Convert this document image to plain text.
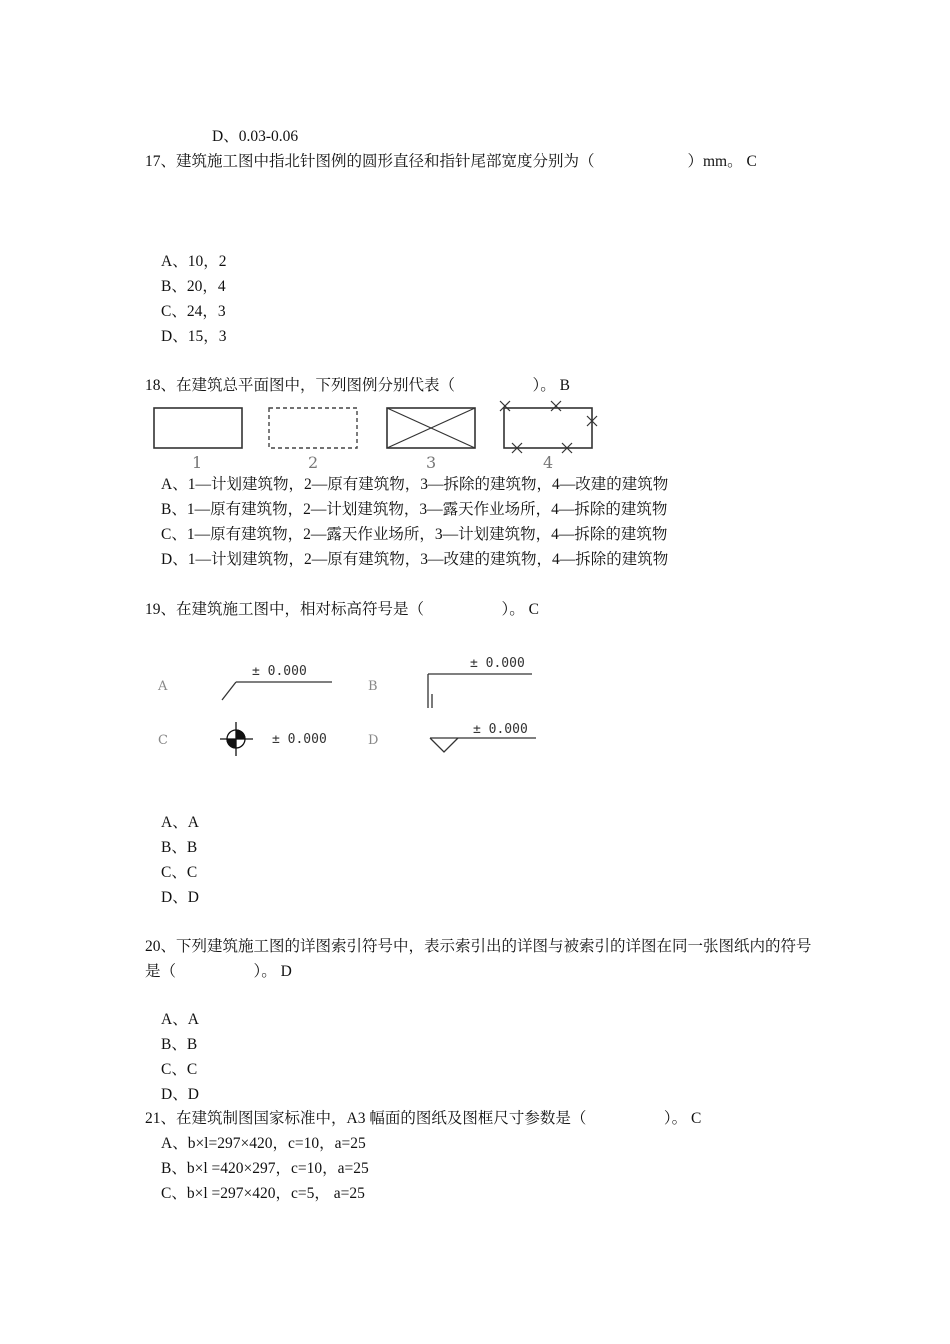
D、0.03-0.06
17、建筑施工图中指北针图例的圆形直径和指针尾部宽度分别为（　　　　　　）mm。 C
A、10，2
B、20，4
C、24，3
D、15，3
18、在建筑总平面图中，下列图例分别代表（　　　　　）。 B
1	2	3	4
A、1—计划建筑物，2—原有建筑物，3—拆除的建筑物，4—改建的建筑物
B、1—原有建筑物，2—计划建筑物，3—露天作业场所，4—拆除的建筑物
C、1—原有建筑物，2—露天作业场所，3—计划建筑物，4—拆除的建筑物
D、1—计划建筑物，2—原有建筑物，3—改建的建筑物，4—拆除的建筑物
19、在建筑施工图中，相对标高符号是（　　　　　）。 C
A
± 0.000
B
± 0.000
C	± 0.000	D
± 0.000
A、A
B、B
C、C
D、D
20、下列建筑施工图的详图索引符号中，表示索引出的详图与被索引的详图在同一张图纸内的符号是（　　　　　）。 D
A、A
B、B
C、C
D、D
21、在建筑制图国家标准中，A3 幅面的图纸及图框尺寸参数是（　　　　　）。 C
A、b×l=297×420，c=10，a=25
B、b×l =420×297，c=10，a=25
C、b×l =297×420，c=5， a=25
